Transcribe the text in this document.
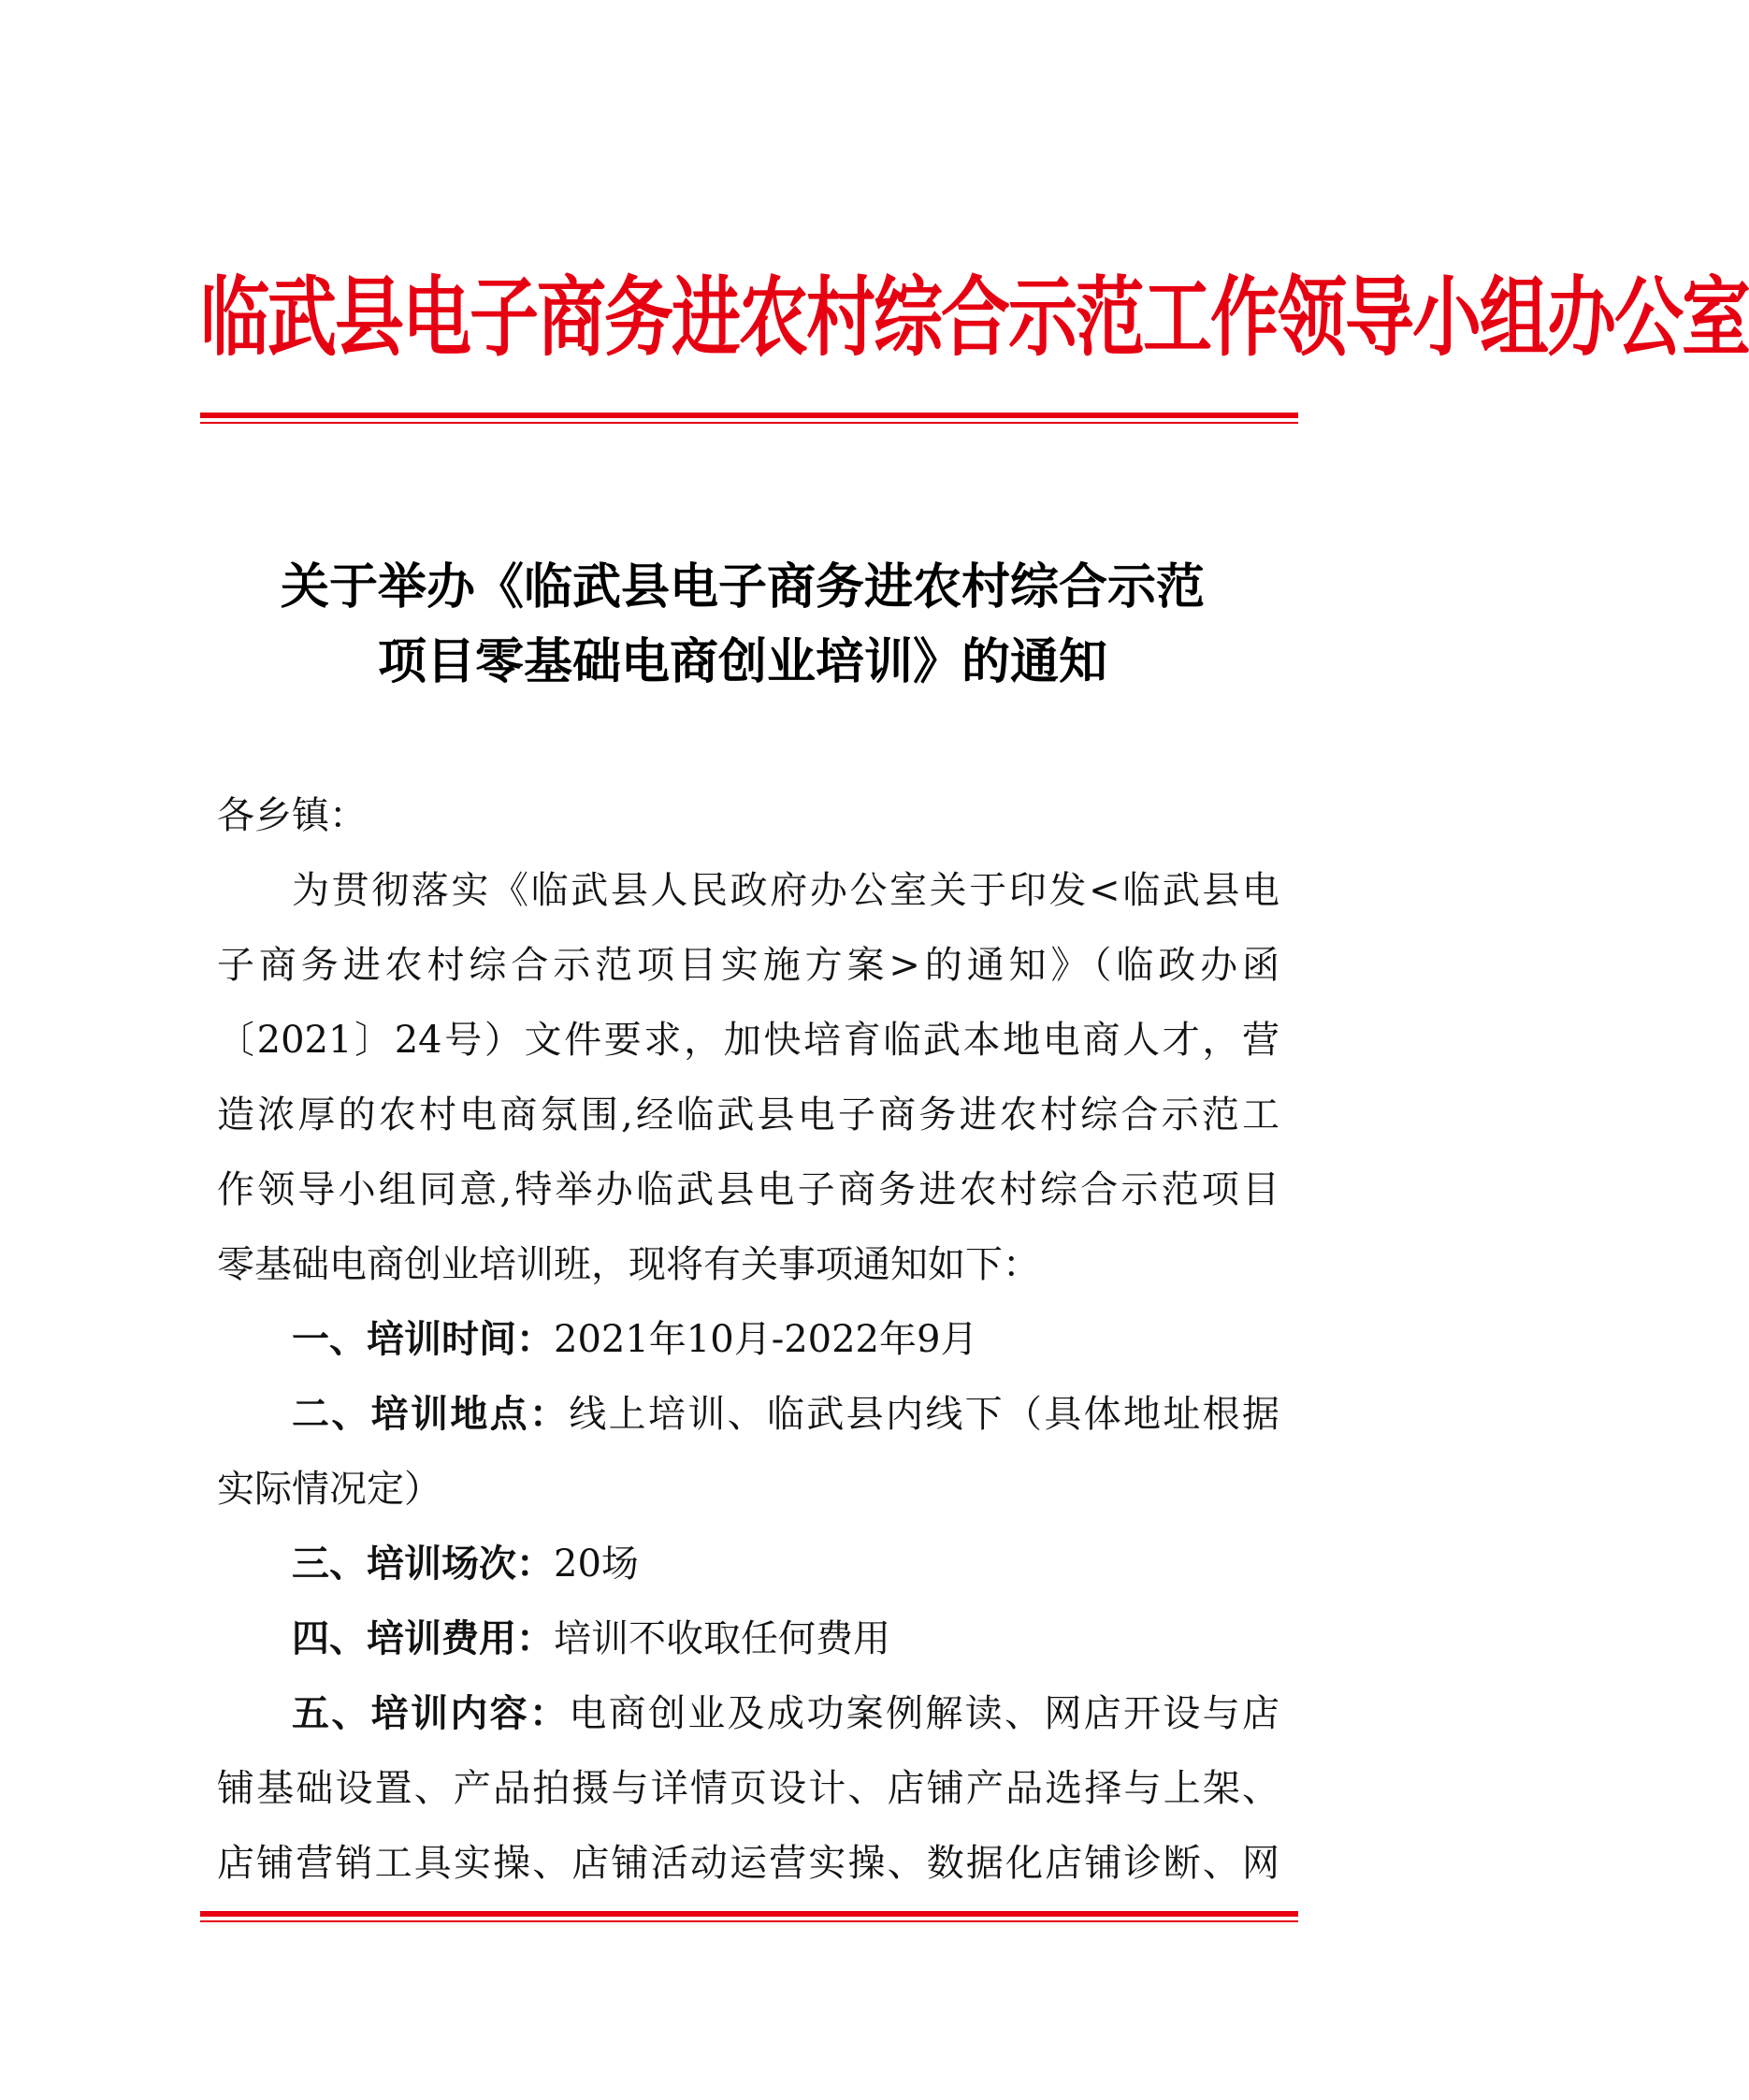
临武县电子商务进农村综合示范工作领导小组办公室
关于举办《临武县电子商务进农村综合示范
项目零基础电商创业培训》的通知
各乡镇：
为贯彻落实《临武县人民政府办公室关于印发<临武县电
子商务进农村综合示范项目实施方案>的通知》（临政办函
〔2021〕24号）文件要求，加快培育临武本地电商人才，营
造浓厚的农村电商氛围,经临武县电子商务进农村综合示范工
作领导小组同意,特举办临武县电子商务进农村综合示范项目
零基础电商创业培训班，现将有关事项通知如下：
一、培训时间：2021年10月-2022年9月
二、培训地点：线上培训、临武县内线下（具体地址根据
实际情况定）
三、培训场次：20场
四、培训费用：培训不收取任何费用
五、培训内容：电商创业及成功案例解读、网店开设与店
铺基础设置、产品拍摄与详情页设计、店铺产品选择与上架、
店铺营销工具实操、店铺活动运营实操、数据化店铺诊断、网
